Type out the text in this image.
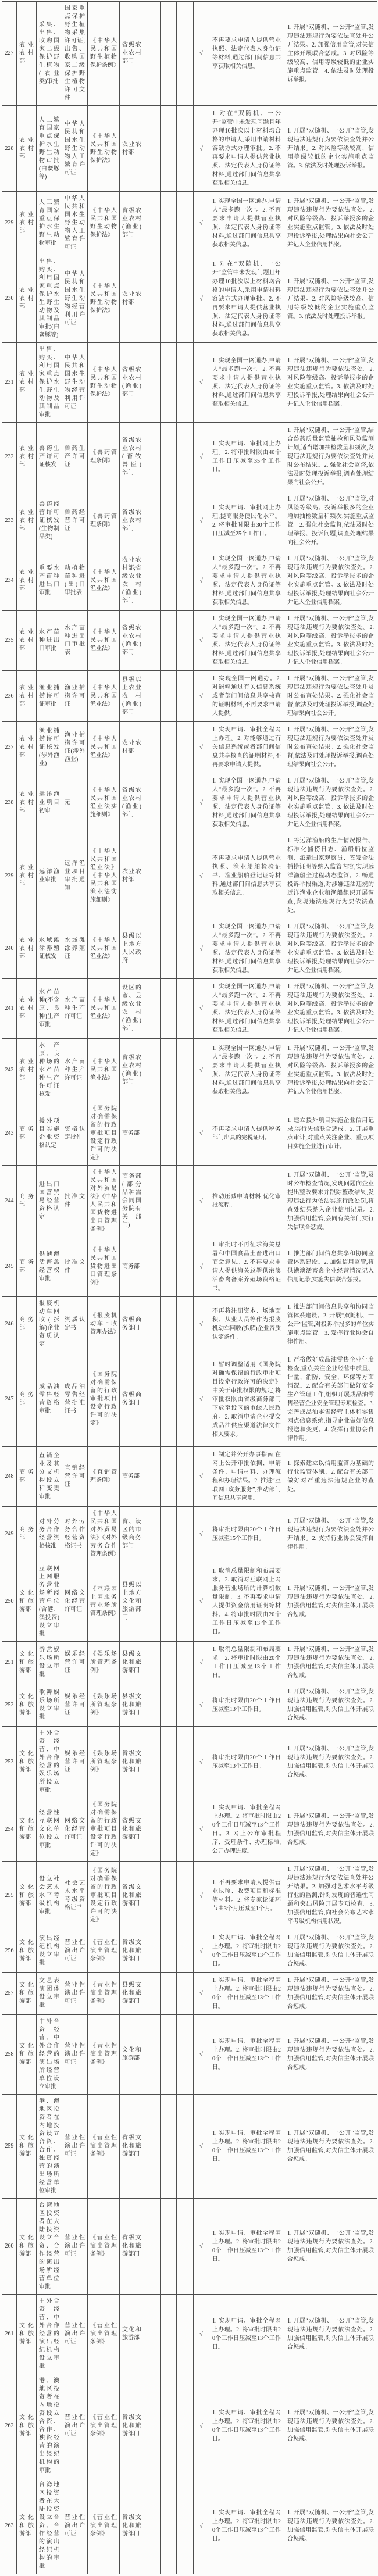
227	农业农村部	采集、出售、收购国家二级保护野生植物(农业类)审批	国家重点保护野生植物采集许可证,出售、收购国家二级保护野生植物许可文件	《中华人民共和国野生植物保护条例》	省级农业农村部门				√	不再要求申请人提供营业执照、法定代表人身份证等材料,通过部门间信息共享获取相关信息。	1. 开展“双随机、一公开”监管,发现违法违规行为要依法查处并公开结果。2. 加强信用监管,对失信主体开展联合惩戒。3. 对风险等级较高、信用等级较低的企业实施重点监管。4. 依法及时处理投诉举报。
228	农业农村部	人工繁育国家重点保护水生野生动物审批(白鱀豚等)	中华人民共和国水生野生动物人工繁育许可证	《中华人民共和国野生动物保护法》	农业农村部				√	1. 对在“双随机、一公开”监管中未发现问题且年办理10批次以上材料均合格的申请人,采用申请材料容缺方式办理审批。2. 不再要求申请人提供营业执照、法定代表人身份证等材料,通过部门间信息共享获取相关信息。	1. 开展“双随机、一公开”监管,发现违法违规行为要依法查处并公开结果。2. 对风险等级较高、信用等级较低的企业实施重点监管。3. 依法及时处理投诉举报。
229	农业农村部	人工繁育国家重点保护水生野生动物审批	中华人民共和国水生野生动物人工繁育许可证	《中华人民共和国野生动物保护法》	省级农业农村(渔业)部门				√	1. 实现全国一网通办,申请人“最多跑一次”。2. 不再要求申请人提供营业执照、法定代表人身份证等材料,通过部门间信息共享获取相关信息。	1. 开展“双随机、一公开”监管,发现违法违规行为要依法查处。2. 对风险等级高、投诉举报多的企业实施重点监管。3. 依法及时处理投诉举报,处理结果向社会公开并记入企业信用档案。
230	农业农村部	出售、购买、利用国家重点保护水生野生动物及其制品审批(白鱀豚等)	中华人民共和国水生野生动物经营利用许可证	《中华人民共和国野生动物保护法》	农业农村部				√	1. 对在“双随机、一公开”监管中未发现问题且年办理10批次以上材料均合格的申请人,采用申请材料容缺方式办理审批。2. 不再要求申请人提供营业执照、法定代表人身份证等材料,通过部门间信息共享获取相关信息。	1. 开展“双随机、一公开”监管,发现违法违规行为要依法查处并公开结果。2. 对风险等级较高、信用等级较低的企业实施重点监管。3. 依法及时处理投诉举报。
231	农业农村部	出售、购买、利用国家重点保护水生野生动物及其制品审批	中华人民共和国水生野生动物经营利用许可证	《中华人民共和国野生动物保护法》	省级农业农村(渔业)部门				√	1. 实现全国一网通办,申请人“最多跑一次”。2. 不再要求申请人提供营业执照、法定代表人身份证等材料,通过部门间信息共享获取相关信息。	1. 开展“双随机、一公开”监管,发现违法违规行为要依法查处。2. 对风险等级高、投诉举报多的企业实施重点监管。3. 依法及时处理投诉举报,处理结果向社会公开并记入企业信用档案。
232	农业农村部	兽药生产许可证核发	兽药生产许可证	《兽药管理条例》	省级农业农村(畜牧兽医)部门				√	1. 实现申请、审批网上办理。2. 将审批时限由40个工作日压减至35个工作日。	1. 开展“双随机、一公开”监管,结合兽药质量监管抽检和风险监测计划,适当增加抽检数量和频次,发现违法违规行为要依法查处并及时公布结果。2. 强化社会监督,依法及时处理投诉举报,调查处理结果向社会公开。
233	农业农村部	兽药经营许可证核发(生物制品类)	兽药经营许可证	《兽药管理条例》	省级农业农村部门				√	1. 实现申请、审批网上办理,提高服务便民化水平。2. 将审批时限由30个工作日压减至25个工作日。	1. 开展“双随机、一公开”监管,对风险等级高、投诉举报多的企业增加抽检数量和频次,实施重点监管。2. 强化社会监督,依法及时处理举报、投诉问题,调查处理结果向社会公开。
234	农业农村部	重要水产苗种进出口审批	动植物苗种进(出)口审批表	《中华人民共和国渔业法》	农业农村部;省级农业农村(渔业)部门				√	1. 实现全国一网通办,申请人“最多跑一次”。2. 不再要求申请人提供营业执照、法定代表人身份证等材料,通过部门间信息共享获取相关信息。	1. 开展“双随机、一公开”监管,发现违法违规行为要依法查处。2. 对风险等级高、投诉举报多的企业实施重点监管。3. 依法及时处理投诉举报,处理结果向社会公开并记入企业信用档案。
235	农业农村部	水产苗种进出口审批	水产苗种进出口审批表	《中华人民共和国渔业法》	省级农业农村(渔业)部门				√	1. 实现全国一网通办,申请人“最多跑一次”。2. 不再要求申请人提供营业执照、法定代表人身份证等材料,通过部门间信息共享获取相关信息。	1. 开展“双随机、一公开”监管,发现违法违规行为要依法查处。2. 对风险等级高、投诉举报多的企业实施重点监管。3. 依法及时处理投诉举报,处理结果向社会公开并记入企业信用档案。
236	农业农村部	渔业捕捞许可证审批	渔业捕捞许可证	《中华人民共和国渔业法》	县级以上农业农村(渔业)部门				√	1. 实现全国一网通办。2. 对能够通过有关信息系统或者部门间信息共享核查的证明材料,不再要求申请人提供。	1. 开展“双随机、一公开”监管,发现违法违规行为要依法查处并及时公布查处结果。2. 强化社会监督,依法及时处理投诉举报,调查处理结果向社会公开。
237	农业农村部	渔业捕捞许可证核发(涉外渔业)	渔业捕捞许可证(涉外渔业)	《中华人民共和国渔业法》	农业农村部				√	1. 实现申请、审批全程网上办理。2. 对能够通过有关信息系统或者部门间信息共享核查的证明材料,不再要求申请人提供。	1. 开展“双随机、一公开”监管,发现违法违规行为要依法查处并及时公布查处结果。2. 强化社会监督,依法及时处理投诉举报,调查处理结果向社会公开。
238	农业农村部	远洋渔业项目初审	无	《中华人民共和国渔业法实施细则》	省级农业农村(渔业)部门				√	1. 实现全国一网通办,申请人“最多跑一次”。2. 不再要求申请人提供营业执照、法定代表人身份证等材料,通过部门间信息共享获取相关信息。	1. 开展“双随机、一公开”监管,发现违法违规行为要依法查处。2. 对风险等级高、投诉举报多的企业实施重点监管。3. 依法及时处理投诉举报,处理结果向社会公开并记入企业信用档案。
239	农业农村部	远洋渔业审批	远洋渔业项目审批通知	《中华人民共和国渔业法》《中华人民共和国渔业法实施细则》	农业农村部				√	不再要求申请人提供营业执照、渔业船舶检验证书、渔业船舶登记证等材料,通过部门间信息共享获取相关信息。	1. 将远洋渔船的生产情况报告、标准化捕捞日志、渔船船位监测、派遣国家观察员、签发合法捕捞证明等纳入监管内容,实现远洋渔船全过程动态监管。2. 畅通投诉举报渠道,对涉嫌违法违规的远洋渔业企业和渔船组织开展调查,发现违法违规行为要依法查处。
240	农业农村部	水域滩涂养殖证核发	水域滩涂养殖证	《中华人民共和国渔业法》	县级以上地方人民政府				√	1. 实现全国一网通办,申请人“最多跑一次”。2. 不再要求申请人提供营业执照、法定代表人身份证等材料,通过部门间信息共享获取相关信息。	1. 开展“双随机、一公开”监管,发现违法违规行为要依法查处。2. 对风险等级高、投诉举报多的企业实施重点监管。3. 依法及时处理投诉举报,处理结果向社会公开并记入企业信用档案。
241	农业农村部	水产苗种(不含原、良种)生产审批	水产苗种生产许可证	《中华人民共和国渔业法》	设区的市、县级农业农村(渔业)部门				√	1. 实现全国一网通办,申请人“最多跑一次”。2. 不再要求申请人提供营业执照、法定代表人身份证等材料,通过部门间信息共享获取相关信息。	1. 开展“双随机、一公开”监管,发现违法违规行为要依法查处。2. 对风险等级高、投诉举报多的企业实施重点监管。3. 依法及时处理投诉举报,处理结果向社会公开并记入企业信用档案。
242	农业农村部	水产原、良种场的水产苗种生产许可证核发	水产苗种生产许可证	《中华人民共和国渔业法》	省级农业农村(渔业)部门				√	1. 实现全国一网通办,申请人“最多跑一次”。2. 不再要求申请人提供营业执照、法定代表人身份证等材料,通过部门间信息共享获取相关信息。	1. 开展“双随机、一公开”监管,发现违法违规行为要依法查处。2. 对风险等级高、投诉举报多的企业实施重点监管。3. 依法及时处理投诉举报,处理结果向社会公开并记入企业信用档案。
243	商务部	援外项目实施企业资格认定	资格认定批件	《国务院对确需保留的行政审批项目设定行政许可的决定》	商务部				√	不再要求申请人提供税务部门出具的完税证明。	1. 建立援外项目实施企业信用记录,实行失信联合惩戒。2. 开展重点审计,对重点关注企业、重点项目实施企业进行审计。
244	商务部	进出口国营贸易经营资格认定	批准文件	《中华人民共和国对外贸易法》《中华人民共和国货物进出口管理条例》	商务部(部分品种需会同国务院有关部门)				√	推动压减申请材料,优化审批流程。	1. 开展“双随机、一公开”监管,及时公布检查情况,发现问题向企业提出整改要求并跟踪整改结果,发现违法行为依法实施行政处罚,将查处结果纳入企业信用记录。2. 加强信用监管,会同有关部门实行失信联合惩戒。
245	商务部	供港澳活畜禽经营权审批	批准文件	《中华人民共和国货物进出口管理条例》	商务部				√	1. 审批时不再征求海关总署和中国食品土畜进出口商会意见。2. 不再要求申请人提供海关总署供港澳活畜禽备案养殖场资格证书。	1. 推进部门间信息共享和协同监管体系建设。2. 加强信用监管,将供港澳活畜禽企业经营情况记入信用记录,实施失信联合惩戒。
246	商务部	报废机动车回收(拆解)企业资质认定	资质认定书	《报废机动车回收管理办法》	省级商务部门				√	不再将注册资本、场地面积、从业人员等作为报废机动车回收(拆解)企业资质认定条件。	1. 推进部门间信息共享和协同监管体系建设。2. 开展“双随机、一公开”监管,对投诉举报多的单位实施重点监管。3. 发挥行业协会自律作用。
247	商务部	成品油零售经营资格审批	成品油零售经营批准证书	《国务院对确需保留的行政审批项目设定行政许可的决定》	省级商务部门				√	1. 暂时调整适用《国务院对确需保留的行政审批项目设定行政许可的决定》中关于审批权限的规定,将审批权限由省级商务部门下放至设区的市级人民政府。2. 取消申请企业提交成品油供应渠道法律文件相关要求。	1. 严格做好成品油零售企业年度检查,重点关注企业经营中质量、计量、消防、安全、环保等方面情况。2. 配合有关部门做好安全生产管理工作,组织开展成品油零售经营企业安全管理专项检查。3. 完善成品油零售经营主体和零售网点信息系统,指导企业做好信息报送和变更。4. 发挥行业协会自律作用。
248	商务部	直销企业及其分支机构设立和变更审批	直销经营许可证	《直销管理条例》	商务部				√	1. 制定并公开办事指南,在网上公开审批依据、申请条件、申请材料、办理流程和办理结果。2. 推进“互联网+政务服务”,推动部门间信息共享应用。	1. 探索建立以信用监管为基础的行业监管体制。2. 配合有关部门做好对严重违法违规企业的查处。
249	商务部	对外劳务合作经营资格核准	对外劳务合作经营资格证书	《中华人民共和国对外贸易法》《对外劳务合作管理条例》	省、设区的市级商务部门				√	将审批时限由20个工作日压减至15个工作日。	1. 开展“双随机、一公开”监管,发现违法违规行为要依法查处并公开结果。2. 支持行业协会发挥自律作用。
250	文化和旅游部	互联网上网服务营业场所经营单位(含港、澳投资)设立审批	网络文化经营许可证	《互联网上网服务营业场所管理条例》	县级以上地方文化和旅游部门				√	1. 取消总量限制和布局要求。2. 取消对互联网上网服务营业场所的计算机数量限制。3. 不再要求申请人提供资金信用证明等材料。4. 将审批时限由20个工作日压减至13个工作日。	1. 开展“双随机、一公开”监管,发现违法违规行为要依法查处。2. 加强信用监管,对失信主体开展联合惩戒。
251	文化和旅游部	游艺娱乐场所设立审批	娱乐经营许可证	《娱乐场所管理条例》	县级文化和旅游部门				√	1. 取消总量限制和布局要求。2. 将审批时限由20个工作日压减至13个工作日。	1. 开展“双随机、一公开”监管,发现违法违规行为要依法查处。2. 加强信用监管,对失信主体开展联合惩戒。
252	文化和旅游部	歌舞娱乐场所设立审批	娱乐经营许可证	《娱乐场所管理条例》	县级文化和旅游部门				√	将审批时限由20个工作日压减至13个工作日。	1. 开展“双随机、一公开”监管,发现违法违规行为要依法查处。2. 加强信用监管,对失信主体开展联合惩戒。
253	文化和旅游部	中外合资经营、中外合作经营的娱乐场所设立审批	娱乐经营许可证	《娱乐场所管理条例》	省级文化和旅游部门				√	将审批时限由20个工作日压减至13个工作日。	1. 开展“双随机、一公开”监管,发现违法违规行为要依法查处。2. 加强信用监管,对失信主体开展联合惩戒。
254	文化和旅游部	经营性互联网文化单位设立审批	网络文化经营许可证	《国务院对确需保留的行政审批项目设定行政许可的决定》	省级文化和旅游部门				√	1. 实现申请、审批全程网上办理。2. 将审批时限由20个工作日压减至13个工作日。3. 网上公布审批程序、受理条件、办理标准,公开办理进度。	1. 开展“双随机、一公开”监管,发现违法违规行为要依法查处。2. 加强信用监管,对失信主体开展联合惩戒。
255	文化和旅游部	设立社会艺术水平考级机构审批	社会艺术水平考级资格证书	《国务院对确需保留的行政审批项目设定行政许可的决定》	省级文化和旅游部门				√	1. 不再要求申请人提供营业执照、收费项目和标准等材料。2. 将专家论证环节由3个月压减至1个月。	1. 开展“双随机、一公开”监管,发现违法违规行为要依法查处并公开结果。2. 加强对艺术水平考级行业的监测,针对发现的普遍性问题和突出风险开展专项检查。3. 加强信用监管,向社会公布艺术水平考级机构信用状况。
256	文化和旅游部	演出经纪机构设立审批	营业性演出许可证	《营业性演出管理条例》	省级文化和旅游部门				√	1. 实现申请、审批全程网上办理。2. 将审批时限由20个工作日压减至13个工作日。	1. 开展“双随机、一公开”监管,发现违法违规行为要依法查处。2. 加强信用监管,对失信主体开展联合惩戒。
257	文化和旅游部	文艺表演团体设立审批	营业性演出许可证	《营业性演出管理条例》	县级文化和旅游部门				√	1. 实现申请、审批全程网上办理。2. 将审批时限由20个工作日压减至13个工作日。	1. 开展“双随机、一公开”监管,发现违法违规行为要依法查处。2. 加强信用监管,对失信主体开展联合惩戒。
258	文化和旅游部	中外合资经营、中外合作经营的演出场所经营单位设立审批	营业性演出许可证	《营业性演出管理条例》	文化和旅游部				√	1. 实现申请、审批全程网上办理。2. 将审批时限由20个工作日压减至13个工作日。	1. 开展“双随机、一公开”监管,发现违法违规行为要依法查处。2. 加强信用监管,对失信主体开展联合惩戒。
259	文化和旅游部	港、澳地区投资者在内地投资设立合资、合作、独资经营的演出场所经营单位审批	营业性演出许可证	《营业性演出管理条例》	省级文化和旅游部门				√	1. 实现申请、审批全程网上办理。2. 将审批时限由20个工作日压减至13个工作日。	1. 开展“双随机、一公开”监管,发现违法违规行为要依法查处。2. 加强信用监管,对失信主体开展联合惩戒。
260	文化和旅游部	台湾地区投资者在大陆投资设立合资、合作经营的演出场所经营单位审批	营业性演出许可证	《营业性演出管理条例》	省级文化和旅游部门				√	1. 实现申请、审批全程网上办理。2. 将审批时限由20个工作日压减至13个工作日。	1. 开展“双随机、一公开”监管,发现违法违规行为要依法查处。2. 加强信用监管,对失信主体开展联合惩戒。
261	文化和旅游部	中外合资经营、中外合作经营的演出经纪机构设立审批	营业性演出许可证	《营业性演出管理条例》	文化和旅游部				√	1. 实现申请、审批全程网上办理。2. 将审批时限由20个工作日压减至13个工作日。	1. 开展“双随机、一公开”监管,发现违法违规行为要依法查处。2. 加强信用监管,对失信主体开展联合惩戒。
262	文化和旅游部	港、澳地区投资者在内地投资设立合资、合作、独资经营的演出经纪机构的审批	营业性演出许可证	《营业性演出管理条例》	省级文化和旅游部门				√	1. 实现申请、审批全程网上办理。2. 将审批时限由20个工作日压减至13个工作日。	1. 开展“双随机、一公开”监管,发现违法违规行为要依法查处。2. 加强信用监管,对失信主体开展联合惩戒。
263	文化和旅游部	台湾地区投资者在大陆投资设立合资、合作经营的演出经纪机构的审批	营业性演出许可证	《营业性演出管理条例》	省级文化和旅游部门				√	1. 实现申请、审批全程网上办理。2. 将审批时限由20个工作日压减至13个工作日。	1. 开展“双随机、一公开”监管,发现违法违规行为要依法查处。2. 加强信用监管,对失信主体开展联合惩戒。
